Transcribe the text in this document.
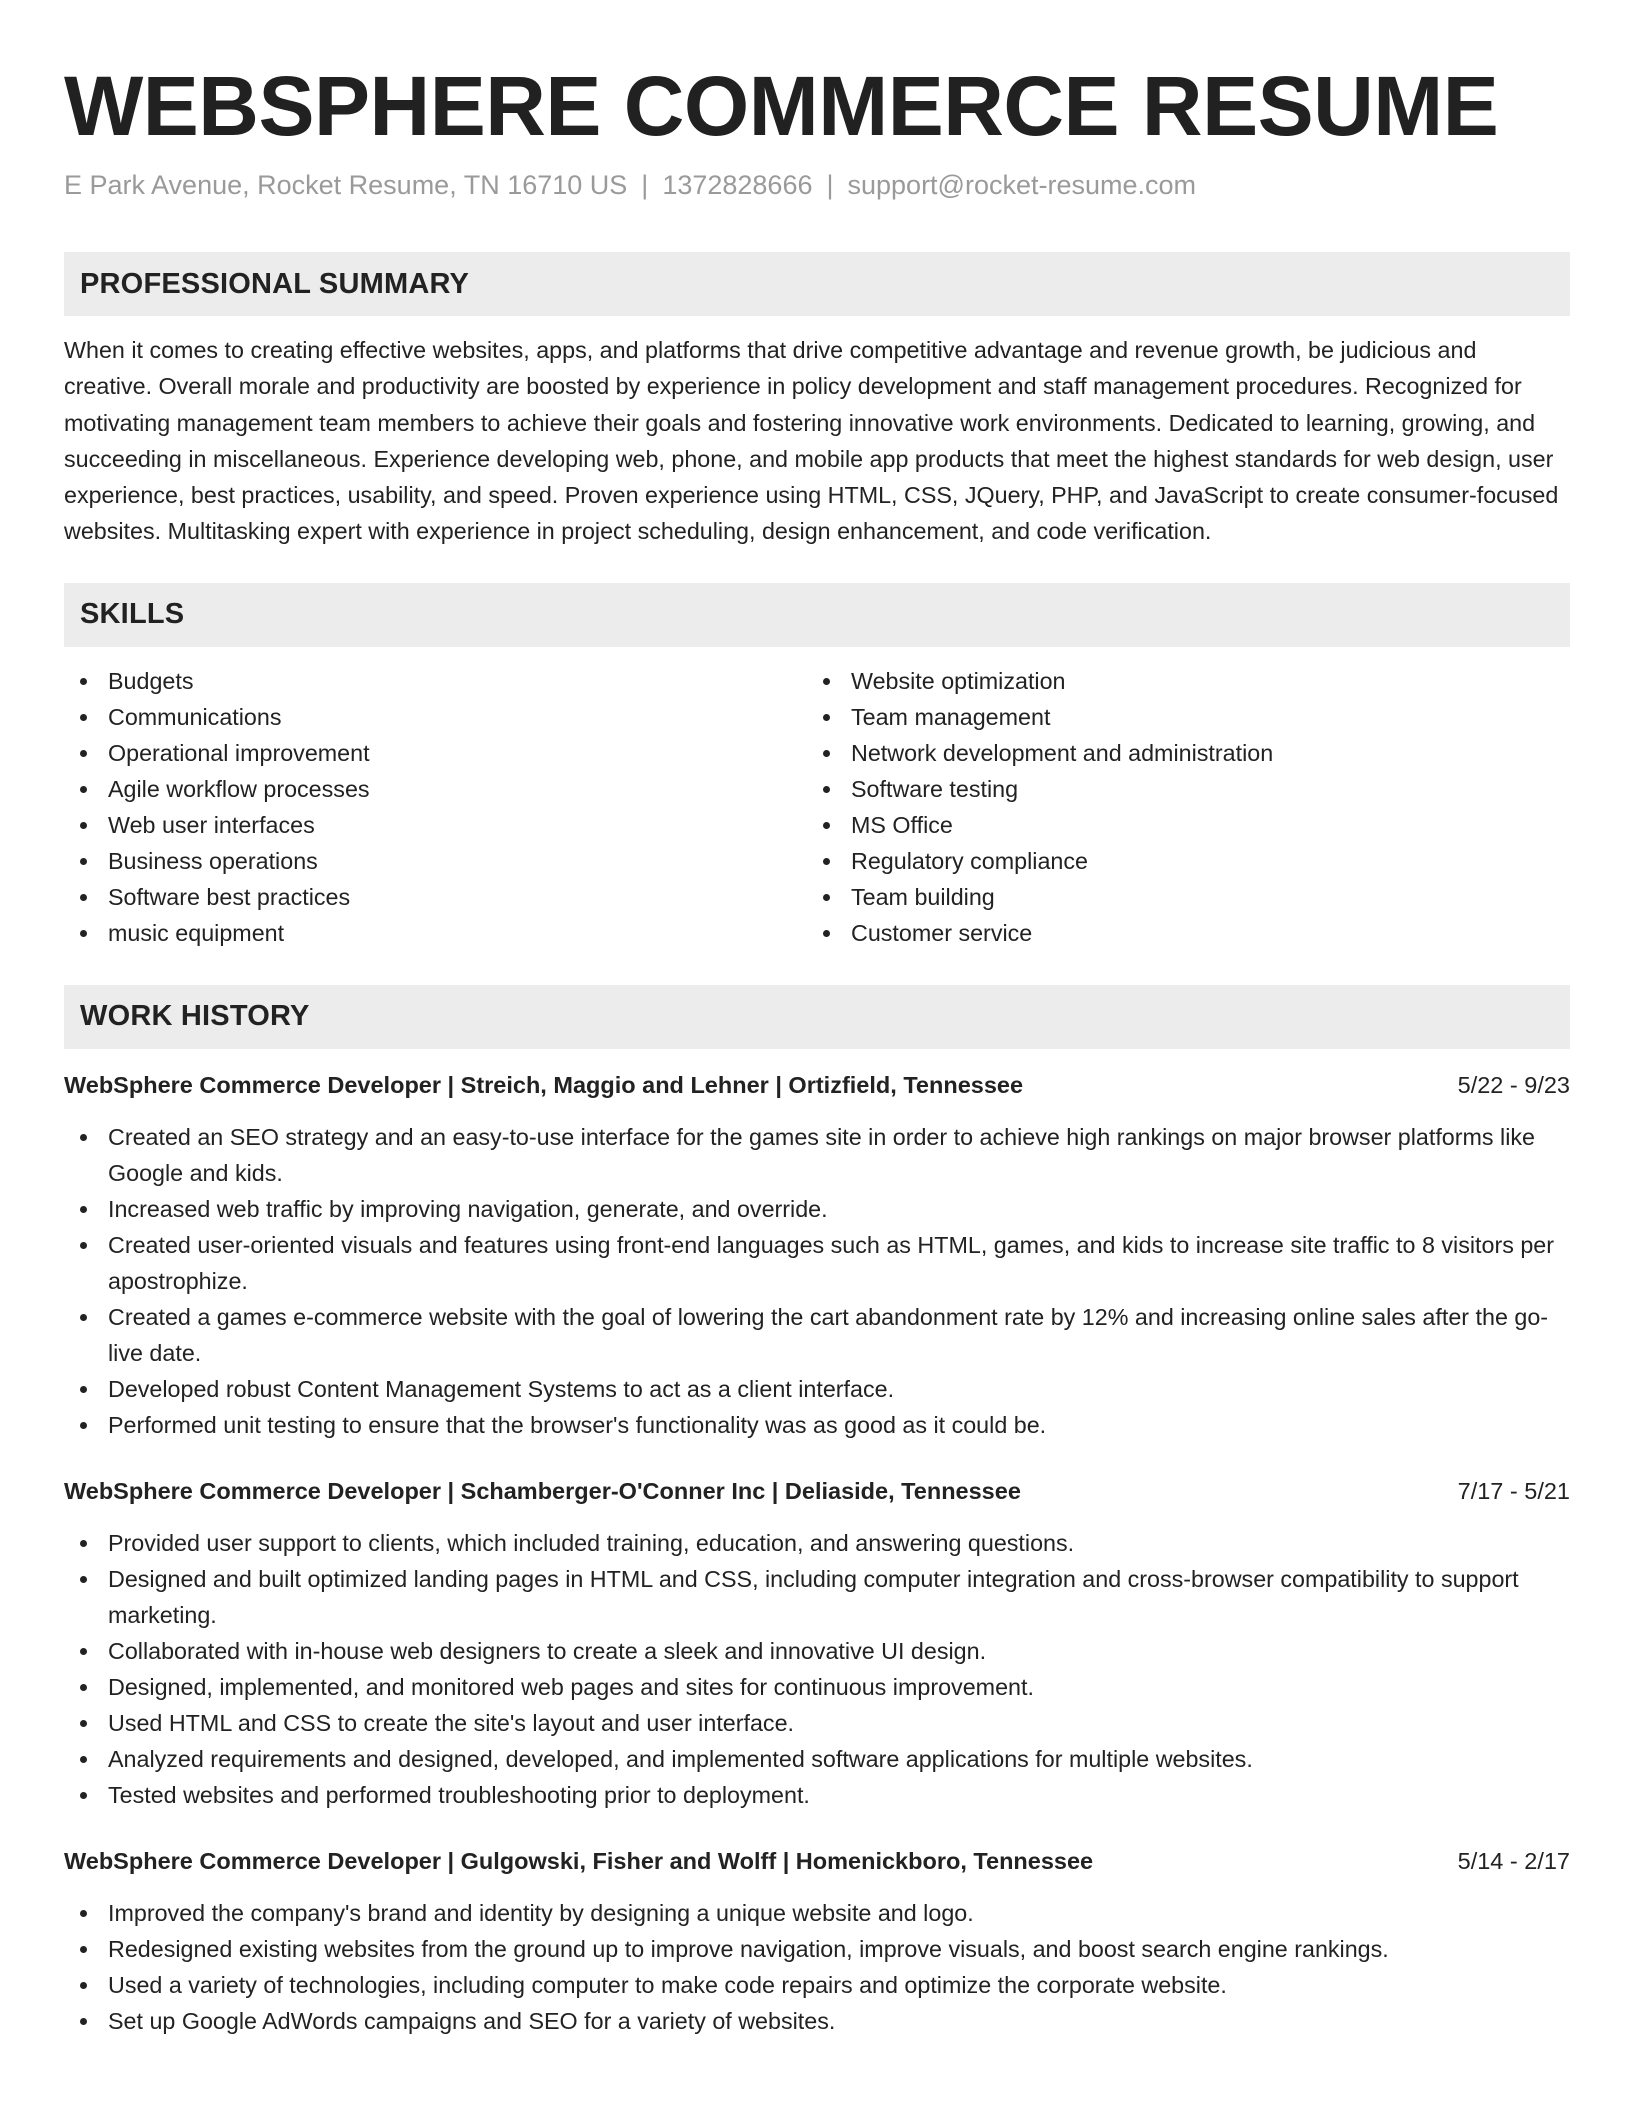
WEBSPHERE COMMERCE RESUME
E Park Avenue, Rocket Resume, TN 16710 US | 1372828666 | support@rocket-resume.com
PROFESSIONAL SUMMARY

When it comes to creating effective websites, apps, and platforms that drive competitive advantage and revenue growth, be judicious and creative. Overall morale and productivity are boosted by experience in policy development and staff management procedures. Recognized for motivating management team members to achieve their goals and fostering innovative work environments. Dedicated to learning, growing, and succeeding in miscellaneous. Experience developing web, phone, and mobile app products that meet the highest standards for web design, user experience, best practices, usability, and speed. Proven experience using HTML, CSS, JQuery, PHP, and JavaScript to create consumer-focused websites. Multitasking expert with experience in project scheduling, design enhancement, and code verification.

SKILLS
Budgets
Communications
Operational improvement
Agile workflow processes
Web user interfaces
Business operations
Software best practices
music equipment
Website optimization
Team management
Network development and administration
Software testing
MS Office
Regulatory compliance
Team building
Customer service
WORK HISTORY
WebSphere Commerce Developer | Streich, Maggio and Lehner | Ortizfield, Tennessee	5/22 - 9/23
Created an SEO strategy and an easy-to-use interface for the games site in order to achieve high rankings on major browser platforms like Google and kids.
Increased web traffic by improving navigation, generate, and override.
Created user-oriented visuals and features using front-end languages such as HTML, games, and kids to increase site traffic to 8 visitors per apostrophize.
Created a games e-commerce website with the goal of lowering the cart abandonment rate by 12% and increasing online sales after the go-live date.
Developed robust Content Management Systems to act as a client interface.
Performed unit testing to ensure that the browser's functionality was as good as it could be.
WebSphere Commerce Developer | Schamberger-O'Conner Inc | Deliaside, Tennessee	7/17 - 5/21
Provided user support to clients, which included training, education, and answering questions.
Designed and built optimized landing pages in HTML and CSS, including computer integration and cross-browser compatibility to support marketing.
Collaborated with in-house web designers to create a sleek and innovative UI design.
Designed, implemented, and monitored web pages and sites for continuous improvement.
Used HTML and CSS to create the site's layout and user interface.
Analyzed requirements and designed, developed, and implemented software applications for multiple websites.
Tested websites and performed troubleshooting prior to deployment.
WebSphere Commerce Developer | Gulgowski, Fisher and Wolff | Homenickboro, Tennessee	5/14 - 2/17
Improved the company's brand and identity by designing a unique website and logo.
Redesigned existing websites from the ground up to improve navigation, improve visuals, and boost search engine rankings.
Used a variety of technologies, including computer to make code repairs and optimize the corporate website.
Set up Google AdWords campaigns and SEO for a variety of websites.
